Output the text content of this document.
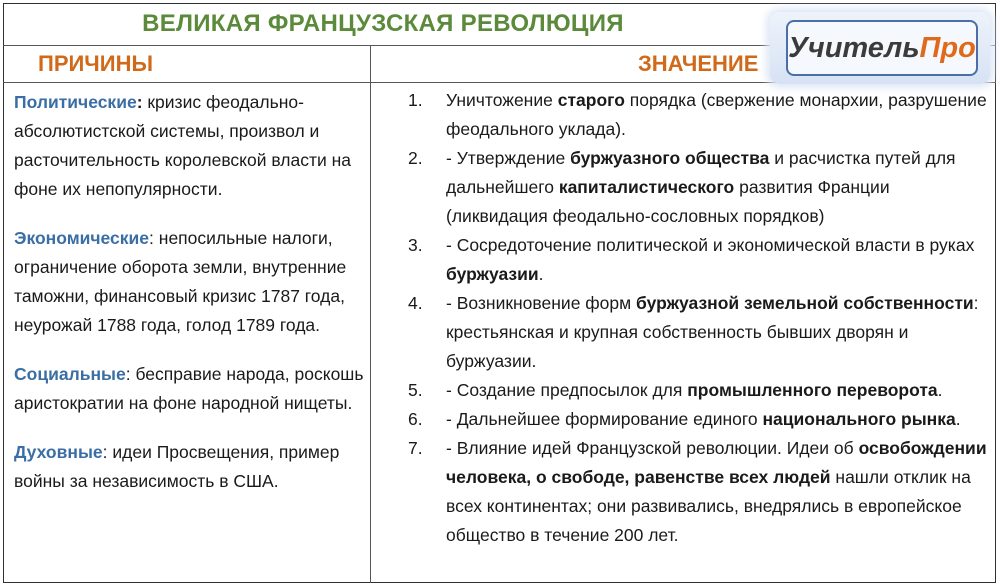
ВЕЛИКАЯ ФРАНЦУЗСКАЯ РЕВОЛЮЦИЯ
ПРИЧИНЫ	ЗНАЧЕНИЕ Учитель Про
Политические: кризис феодально-абсолютистской системы, произвол и расточительность королевской власти на фоне их непопулярности.
Экономические: непосильные налоги, ограничение оборота земли, внутренние таможни, финансовый кризис 1787 года, неурожай 1788 года, голод 1789 года.
Социальные: бесправие народа, роскошь аристократии на фоне народной нищеты.
Духовные: идеи Просвещения, пример войны за независимость в США.
1.	Уничтожение старого порядка (свержение монархии, разрушение феодального уклада).
2.	- Утверждение буржуазного общества и расчистка путей для дальнейшего капиталистического развития Франции (ликвидация феодально-сословных порядков)
3.	- Сосредоточение политической и экономической власти в руках буржуазии.
4.	- Возникновение форм буржуазной земельной собственности: крестьянская и крупная собственность бывших дворян и буржуазии.
5.	- Создание предпосылок для промышленного переворота.
6.	- Дальнейшее формирование единого национального рынка.
7.	- Влияние идей Французской революции. Идеи об освобождении человека, о свободе, равенстве всех людей нашли отклик на всех континентах; они развивались, внедрялись в европейское общество в течение 200 лет.
